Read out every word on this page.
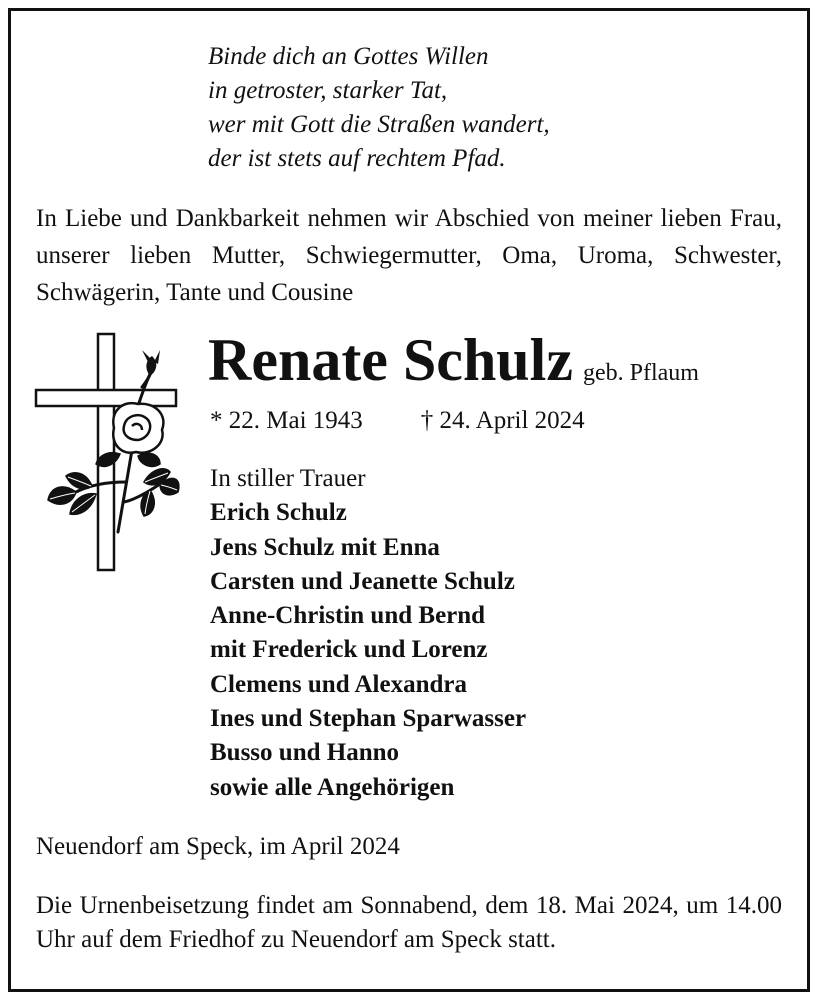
Binde dich an Gottes Willen
in getroster, starker Tat,
wer mit Gott die Straßen wandert,
der ist stets auf rechtem Pfad.
In Liebe und Dankbarkeit nehmen wir Abschied von meiner lieben Frau, unserer lieben Mutter, Schwiegermutter, Oma, Uroma, Schwester, Schwägerin, Tante und Cousine
Renate Schulz geb. Pflaum
* 22. Mai 1943 † 24. April 2024
In stiller Trauer
Erich Schulz
Jens Schulz mit Enna
Carsten und Jeanette Schulz
Anne-Christin und Bernd
mit Frederick und Lorenz
Clemens und Alexandra
Ines und Stephan Sparwasser
Busso und Hanno
sowie alle Angehörigen
Neuendorf am Speck, im April 2024
Die Urnenbeisetzung findet am Sonnabend, dem 18. Mai 2024, um 14.00 Uhr auf dem Friedhof zu Neuendorf am Speck statt.
